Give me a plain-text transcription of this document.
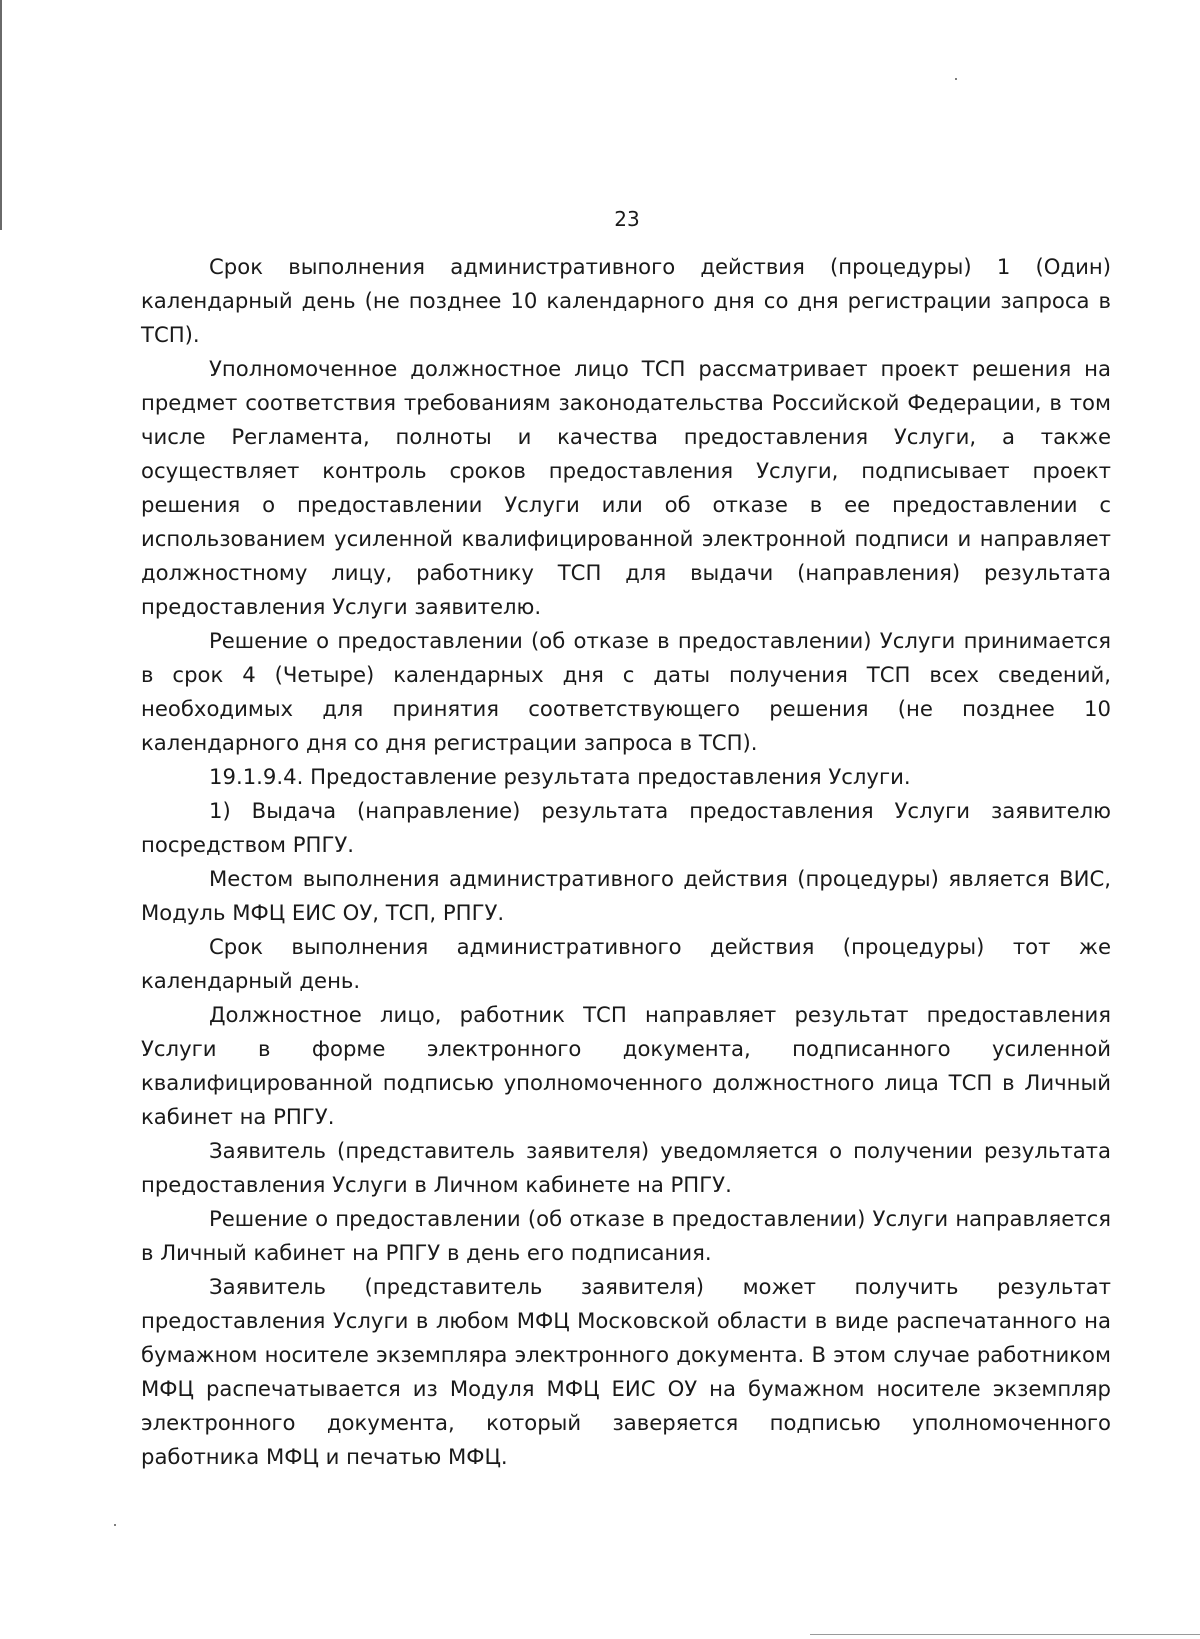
23

Срок выполнения административного действия (процедуры) 1 (Один) календарный день (не позднее 10 календарного дня со дня регистрации запроса в ТСП).

Уполномоченное должностное лицо ТСП рассматривает проект решения на предмет соответствия требованиям законодательства Российской Федерации, в том числе Регламента, полноты и качества предоставления Услуги, а также осуществляет контроль сроков предоставления Услуги, подписывает проект решения о предоставлении Услуги или об отказе в ее предоставлении с использованием усиленной квалифицированной электронной подписи и направляет должностному лицу, работнику ТСП для выдачи (направления) результата предоставления Услуги заявителю.

Решение о предоставлении (об отказе в предоставлении) Услуги принимается в срок 4 (Четыре) календарных дня с даты получения ТСП всех сведений, необходимых для принятия соответствующего решения (не позднее 10 календарного дня со дня регистрации запроса в ТСП).

19.1.9.4. Предоставление результата предоставления Услуги.

1) Выдача (направление) результата предоставления Услуги заявителю посредством РПГУ.

Местом выполнения административного действия (процедуры) является ВИС, Модуль МФЦ ЕИС ОУ, ТСП, РПГУ.

Срок выполнения административного действия (процедуры) тот же календарный день.

Должностное лицо, работник ТСП направляет результат предоставления Услуги в форме электронного документа, подписанного усиленной квалифицированной подписью уполномоченного должностного лица ТСП в Личный кабинет на РПГУ.

Заявитель (представитель заявителя) уведомляется о получении результата предоставления Услуги в Личном кабинете на РПГУ.

Решение о предоставлении (об отказе в предоставлении) Услуги направляется в Личный кабинет на РПГУ в день его подписания.

Заявитель (представитель заявителя) может получить результат предоставления Услуги в любом МФЦ Московской области в виде распечатанного на бумажном носителе экземпляра электронного документа. В этом случае работником МФЦ распечатывается из Модуля МФЦ ЕИС ОУ на бумажном носителе экземпляр электронного документа, который заверяется подписью уполномоченного работника МФЦ и печатью МФЦ.
